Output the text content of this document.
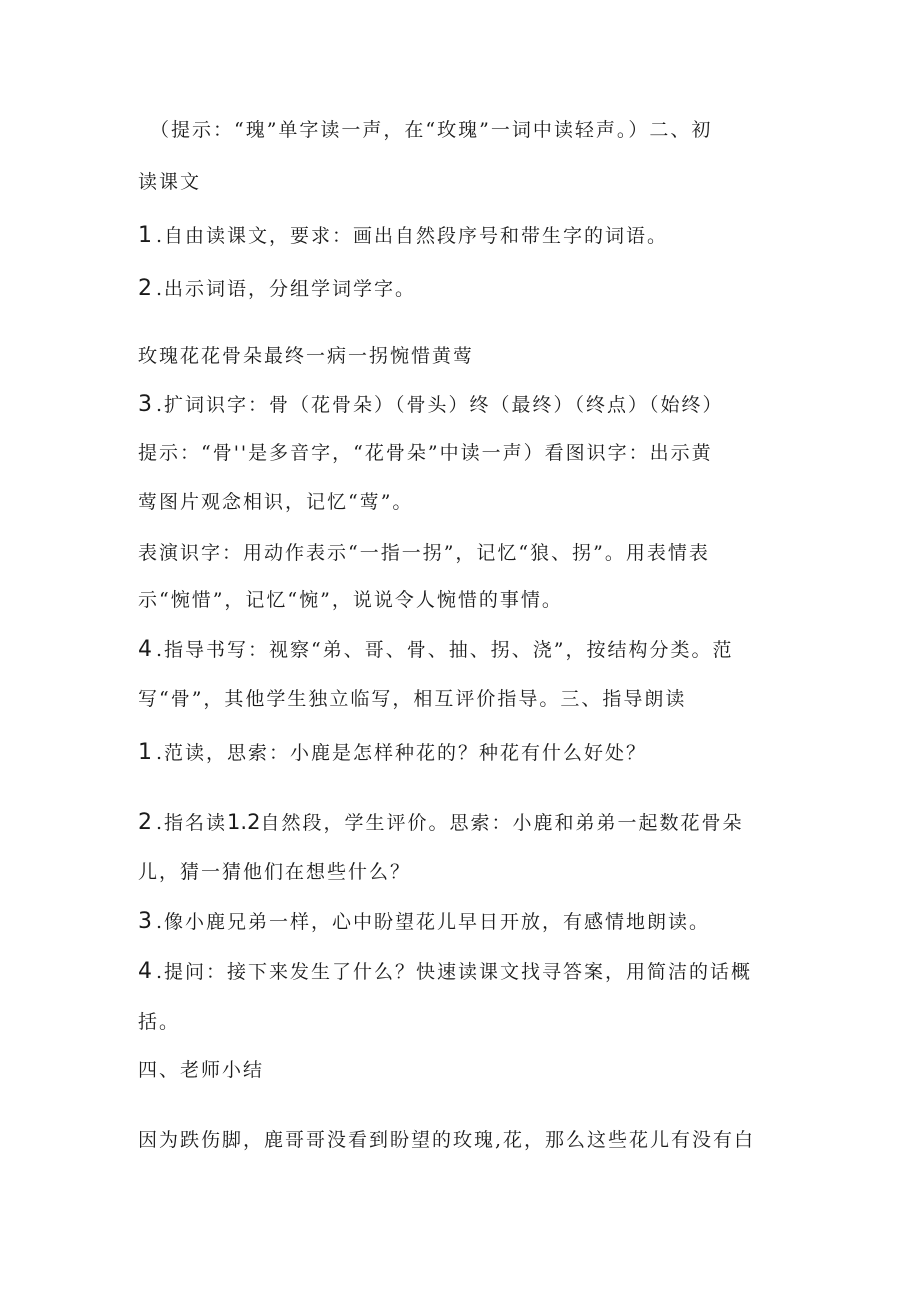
（提示：“瑰”单字读一声，在“玫瑰”一词中读轻声。）二、初
读课文
1 .自由读课文，要求：画出自然段序号和带生字的词语。
2 .出示词语，分组学词学字。
玫瑰花花骨朵最终一病一拐惋惜黄莺
3 .扩词识字：骨（花骨朵）（骨头）终（最终）（终点）（始终）
提示：“骨''是多音字，“花骨朵”中读一声）看图识字：出示黄
莺图片观念相识，记忆“莺”。
表演识字：用动作表示“一指一拐”，记忆“狼、拐”。用表情表
示“惋惜”，记忆“惋”，说说令人惋惜的事情。
4 .指导书写：视察“弟、哥、骨、抽、拐、浇”，按结构分类。范
写“骨”，其他学生独立临写，相互评价指导。三、指导朗读
1 .范读，思索：小鹿是怎样种花的？种花有什么好处？
2 .指名读1.2自然段，学生评价。思索：小鹿和弟弟一起数花骨朵
儿，猜一猜他们在想些什么？
3 .像小鹿兄弟一样，心中盼望花儿早日开放，有感情地朗读。
4 .提问：接下来发生了什么？快速读课文找寻答案，用简洁的话概
括。
四、老师小结
因为跌伤脚，鹿哥哥没看到盼望的玫瑰,花，那么这些花儿有没有白
